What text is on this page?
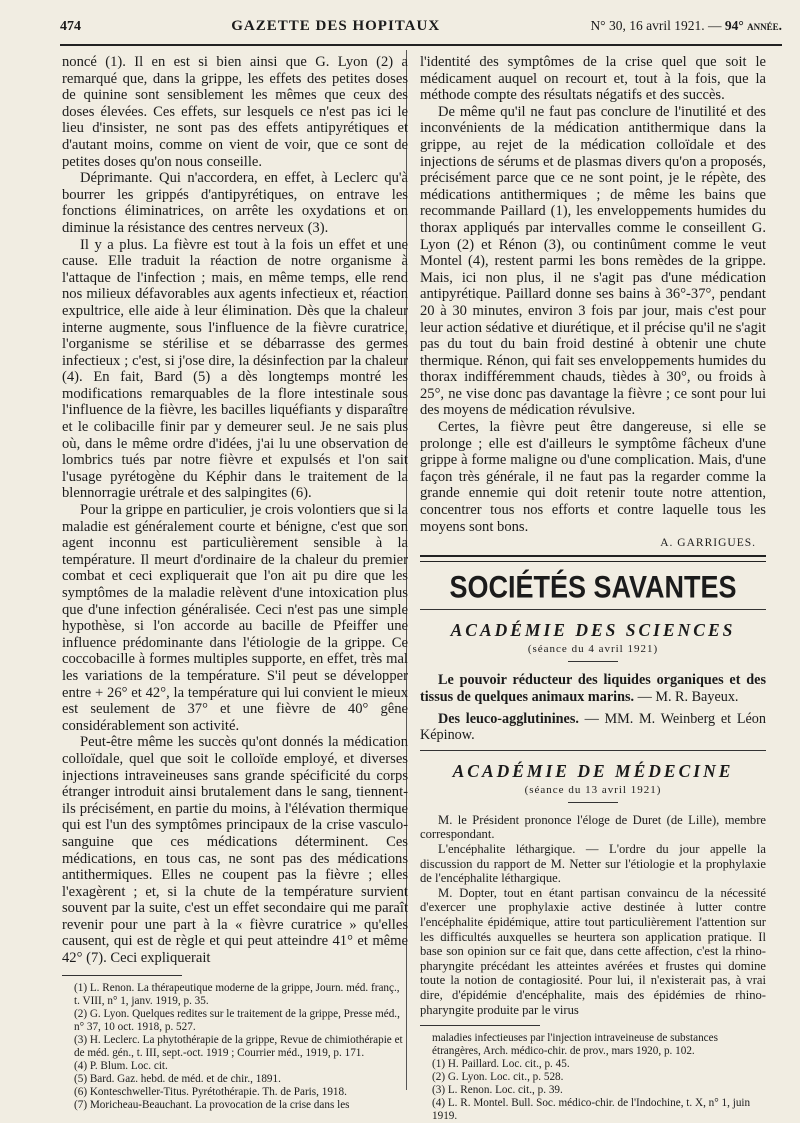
474	GAZETTE DES HOPITAUX	N° 30, 16 avril 1921. — 94° année.

noncé (1). Il en est si bien ainsi que G. Lyon (2) a remarqué que, dans la grippe, les effets des petites doses de quinine sont sensiblement les mêmes que ceux des doses élevées. Ces effets, sur lesquels ce n'est pas ici le lieu d'insister, ne sont pas des effets antipyrétiques et d'autant moins, comme on vient de voir, que ce sont de petites doses qu'on nous conseille.

Déprimante. Qui n'accordera, en effet, à Leclerc qu'à bourrer les grippés d'antipyrétiques, on entrave les fonctions éliminatrices, on arrête les oxydations et on diminue la résistance des centres nerveux (3).

Il y a plus. La fièvre est tout à la fois un effet et une cause. Elle traduit la réaction de notre organisme à l'attaque de l'infection ; mais, en même temps, elle rend nos milieux défavorables aux agents infectieux et, réaction expultrice, elle aide à leur élimination. Dès que la chaleur interne augmente, sous l'influence de la fièvre curatrice, l'organisme se stérilise et se débarrasse des germes infectieux ; c'est, si j'ose dire, la désinfection par la chaleur (4). En fait, Bard (5) a dès longtemps montré les modifications remarquables de la flore intestinale sous l'influence de la fièvre, les bacilles liquéfiants y disparaître et le colibacille finir par y demeurer seul. Je ne sais plus où, dans le même ordre d'idées, j'ai lu une observation de lombrics tués par notre fièvre et expulsés et l'on sait l'usage pyrétogène du Képhir dans le traitement de la blennorragie urétrale et des salpingites (6).

Pour la grippe en particulier, je crois volontiers que si la maladie est généralement courte et bénigne, c'est que son agent inconnu est particulièrement sensible à la température. Il meurt d'ordinaire de la chaleur du premier combat et ceci expliquerait que l'on ait pu dire que les symptômes de la maladie relèvent d'une intoxication plus que d'une infection généralisée. Ceci n'est pas une simple hypothèse, si l'on accorde au bacille de Pfeiffer une influence prédominante dans l'étiologie de la grippe. Ce coccobacille à formes multiples supporte, en effet, très mal les variations de la température. S'il peut se développer entre + 26° et 42°, la température qui lui convient le mieux est seulement de 37° et une fièvre de 40° gêne considérablement son activité.

Peut-être même les succès qu'ont donnés la médication colloïdale, quel que soit le colloïde employé, et diverses injections intraveineuses sans grande spécificité du corps étranger introduit ainsi brutalement dans le sang, tiennent-ils précisément, en partie du moins, à l'élévation thermique qui est l'un des symptômes principaux de la crise vasculo-sanguine que ces médications déterminent. Ces médications, en tous cas, ne sont pas des médications antithermiques. Elles ne coupent pas la fièvre ; elles l'exagèrent ; et, si la chute de la température survient souvent par la suite, c'est un effet secondaire qui me paraît revenir pour une part à la « fièvre curatrice » qu'elles causent, qui est de règle et qui peut atteindre 41° et même 42° (7). Ceci expliquerait

(1) L. Renon. La thérapeutique moderne de la grippe, Journ. méd. franç., t. VIII, n° 1, janv. 1919, p. 35.

(2) G. Lyon. Quelques redites sur le traitement de la grippe, Presse méd., n° 37, 10 oct. 1918, p. 527.

(3) H. Leclerc. La phytothérapie de la grippe, Revue de chimiothérapie et de méd. gén., t. III, sept.-oct. 1919 ; Courrier méd., 1919, p. 171.

(4) P. Blum. Loc. cit.

(5) Bard. Gaz. hebd. de méd. et de chir., 1891.

(6) Konteschweller-Titus. Pyrétothérapie. Th. de Paris, 1918.

(7) Moricheau-Beauchant. La provocation de la crise dans les

l'identité des symptômes de la crise quel que soit le médicament auquel on recourt et, tout à la fois, que la méthode compte des résultats négatifs et des succès.

De même qu'il ne faut pas conclure de l'inutilité et des inconvénients de la médication antithermique dans la grippe, au rejet de la médication colloïdale et des injections de sérums et de plasmas divers qu'on a proposés, précisément parce que ce ne sont point, je le répète, des médications antithermiques ; de même les bains que recommande Paillard (1), les enveloppements humides du thorax appliqués par intervalles comme le conseillent G. Lyon (2) et Rénon (3), ou continûment comme le veut Montel (4), restent parmi les bons remèdes de la grippe. Mais, ici non plus, il ne s'agit pas d'une médication antipyrétique. Paillard donne ses bains à 36°-37°, pendant 20 à 30 minutes, environ 3 fois par jour, mais c'est pour leur action sédative et diurétique, et il précise qu'il ne s'agit pas du tout du bain froid destiné à obtenir une chute thermique. Rénon, qui fait ses enveloppements humides du thorax indifféremment chauds, tièdes à 30°, ou froids à 25°, ne vise donc pas davantage la fièvre ; ce sont pour lui des moyens de médication révulsive.

Certes, la fièvre peut être dangereuse, si elle se prolonge ; elle est d'ailleurs le symptôme fâcheux d'une grippe à forme maligne ou d'une complication. Mais, d'une façon très générale, il ne faut pas la regarder comme la grande ennemie qui doit retenir toute notre attention, concentrer tous nos efforts et contre laquelle tous les moyens sont bons.

A. GARRIGUES.
SOCIÉTÉS SAVANTES
ACADÉMIE DES SCIENCES
(séance du 4 avril 1921)

Le pouvoir réducteur des liquides organiques et des tissus de quelques animaux marins. — M. R. Bayeux.

Des leuco-agglutinines. — MM. M. Weinberg et Léon Képinow.

ACADÉMIE DE MÉDECINE
(séance du 13 avril 1921)

M. le Président prononce l'éloge de Duret (de Lille), membre correspondant.

L'encéphalite léthargique. — L'ordre du jour appelle la discussion du rapport de M. Netter sur l'étiologie et la prophylaxie de l'encéphalite léthargique.

M. Dopter, tout en étant partisan convaincu de la nécessité d'exercer une prophylaxie active destinée à lutter contre l'encéphalite épidémique, attire tout particulièrement l'attention sur les difficultés auxquelles se heurtera son application pratique. Il base son opinion sur ce fait que, dans cette affection, c'est la rhino-pharyngite précédant les atteintes avérées et frustes qui domine toute la notion de contagiosité. Pour lui, il n'existerait pas, à vrai dire, d'épidémie d'encéphalite, mais des épidémies de rhino-pharyngite produite par le virus

maladies infectieuses par l'injection intraveineuse de substances étrangères, Arch. médico-chir. de prov., mars 1920, p. 102.

(1) H. Paillard. Loc. cit., p. 45.

(2) G. Lyon. Loc. cit., p. 528.

(3) L. Renon. Loc. cit., p. 39.

(4) L. R. Montel. Bull. Soc. médico-chir. de l'Indochine, t. X, n° 1, juin 1919.
